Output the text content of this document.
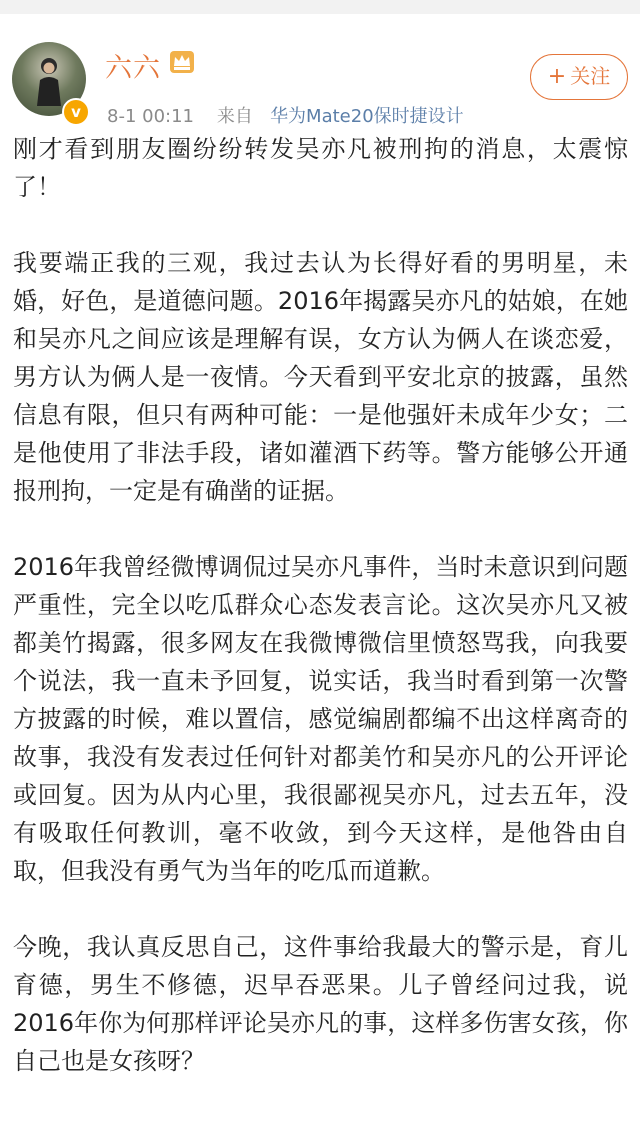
v
六六
8-1 00:11 来自 华为Mate20保时捷设计
+ 关注

刚才看到朋友圈纷纷转发吴亦凡被刑拘的消息，太震惊了！

我要端正我的三观，我过去认为长得好看的男明星，未婚，好色，是道德问题。2016年揭露吴亦凡的姑娘，在她和吴亦凡之间应该是理解有误，女方认为俩人在谈恋爱，男方认为俩人是一夜情。今天看到平安北京的披露，虽然信息有限，但只有两种可能：一是他强奸未成年少女；二是他使用了非法手段，诸如灌酒下药等。警方能够公开通报刑拘，一定是有确凿的证据。

2016年我曾经微博调侃过吴亦凡事件，当时未意识到问题严重性，完全以吃瓜群众心态发表言论。这次吴亦凡又被都美竹揭露，很多网友在我微博微信里愤怒骂我，向我要个说法，我一直未予回复，说实话，我当时看到第一次警方披露的时候，难以置信，感觉编剧都编不出这样离奇的故事，我没有发表过任何针对都美竹和吴亦凡的公开评论或回复。因为从内心里，我很鄙视吴亦凡，过去五年，没有吸取任何教训，毫不收敛，到今天这样，是他咎由自取，但我没有勇气为当年的吃瓜而道歉。

今晚，我认真反思自己，这件事给我最大的警示是，育儿育德，男生不修德，迟早吞恶果。儿子曾经问过我，说2016年你为何那样评论吴亦凡的事，这样多伤害女孩，你自己也是女孩呀？
